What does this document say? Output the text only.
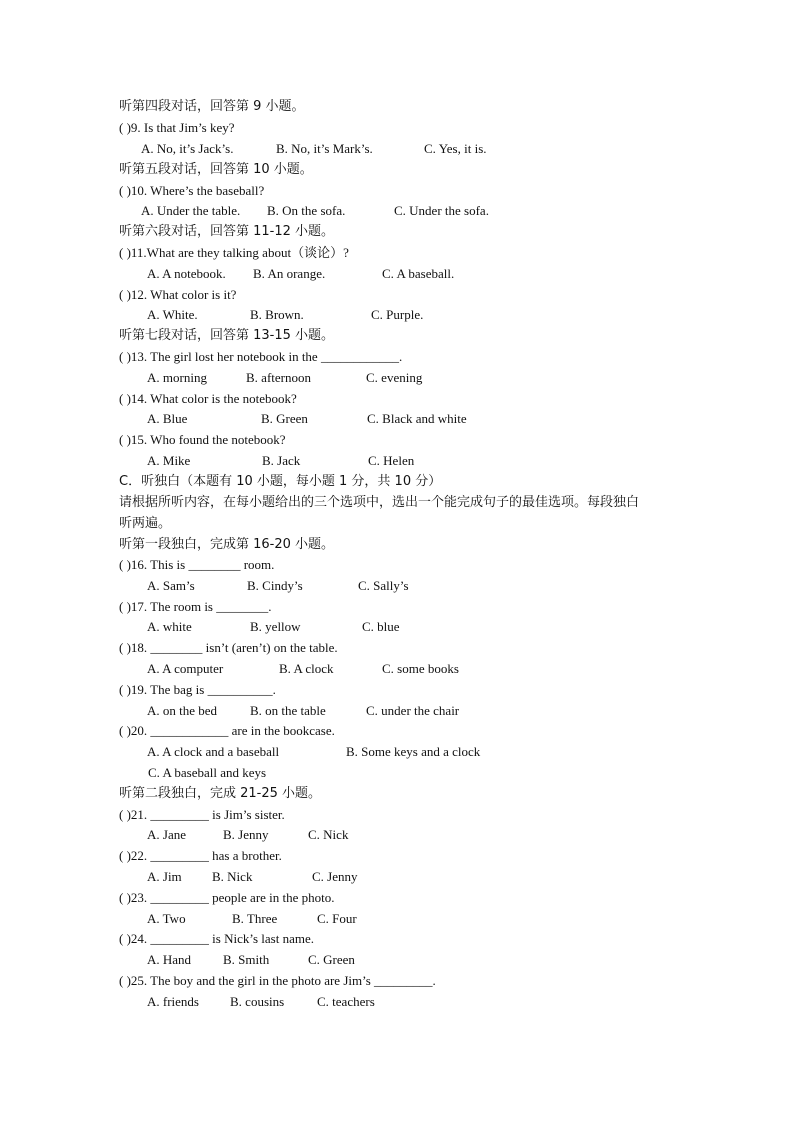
听第四段对话，回答第 9 小题。
( )9. Is that Jim’s key?
A. No, it’s Jack’s.	B. No, it’s Mark’s.	C. Yes, it is.
听第五段对话，回答第 10 小题。
( )10. Where’s the baseball?
A. Under the table. B. On the sofa.	C. Under the sofa.
听第六段对话，回答第 11-12 小题。
( )11.What are they talking about（谈论）?
A. A notebook. B. An orange.	C. A baseball.
( )12. What color is it?
A. White.	B. Brown.	C. Purple.
听第七段对话，回答第 13-15 小题。
( )13. The girl lost her notebook in the ____________.
A. morning	B. afternoon	C. evening
( )14. What color is the notebook?
A. Blue	B. Green	C. Black and white
( )15. Who found the notebook?
A. Mike	B. Jack	C. Helen
C．听独白（本题有 10 小题，每小题 1 分，共 10 分）
请根据所听内容，在每小题给出的三个选项中，选出一个能完成句子的最佳选项。每段独白
听两遍。
听第一段独白，完成第 16-20 小题。
( )16. This is ________ room.
A. Sam’s	B. Cindy’s	C. Sally’s
( )17. The room is ________.
A. white	B. yellow	C. blue
( )18. ________ isn’t (aren’t) on the table.
A. A computer	B. A clock	C. some books
( )19. The bag is __________.
A. on the bed	B. on the table	C. under the chair
( )20. ____________ are in the bookcase.
A. A clock and a baseball	B. Some keys and a clock
C. A baseball and keys
听第二段独白，完成 21-25 小题。
( )21. _________ is Jim’s sister.
A. Jane	B. Jenny	C. Nick
( )22. _________ has a brother.
A. Jim B. Nick	C. Jenny
( )23. _________ people are in the photo.
A. Two	B. Three	C. Four
( )24. _________ is Nick’s last name.
A. Hand B. Smith	C. Green
( )25. The boy and the girl in the photo are Jim’s _________.
A. friends B. cousins	C. teachers
